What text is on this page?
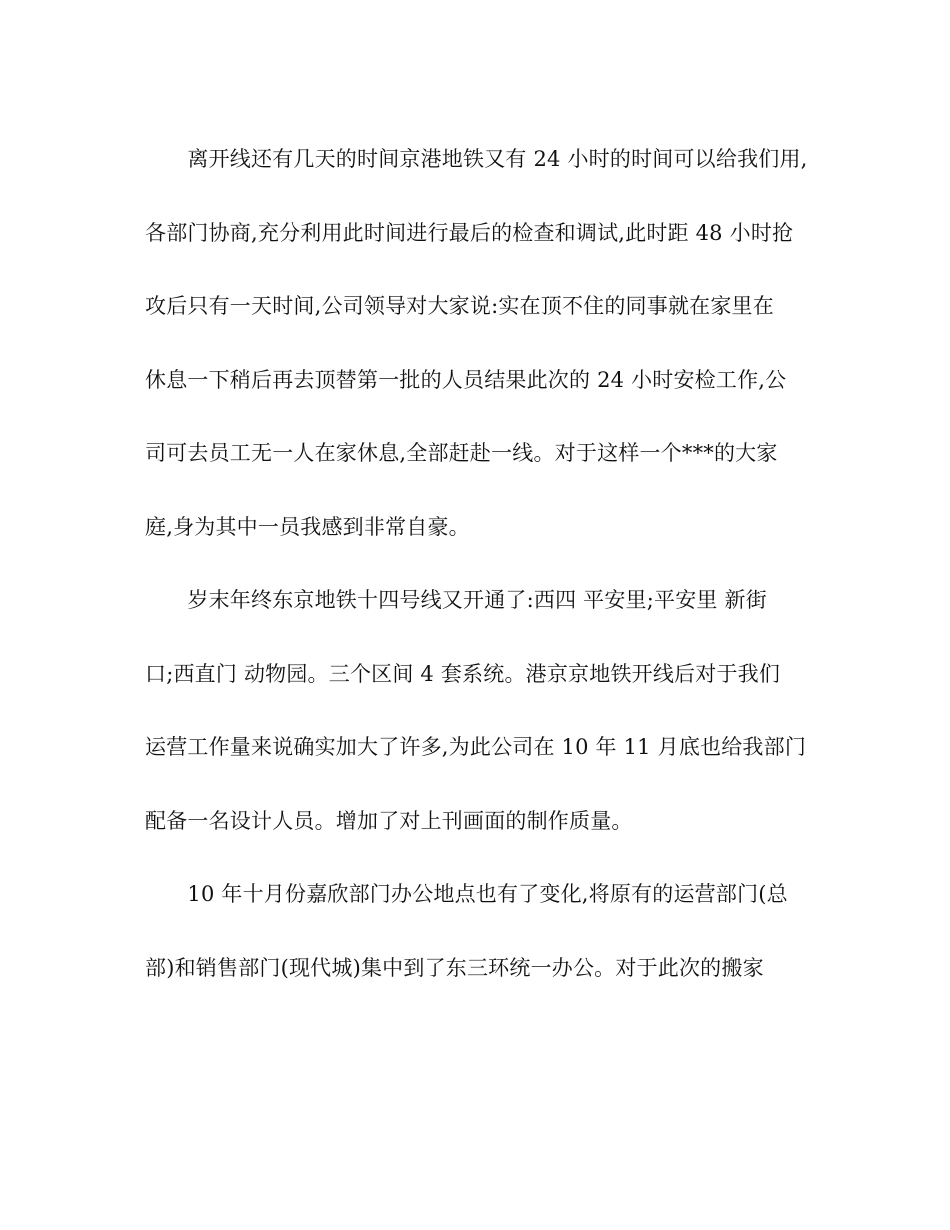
　　离开线还有几天的时间京港地铁又有 24 小时的时间可以给我们用,
各部门协商,充分利用此时间进行最后的检查和调试,此时距 48 小时抢
攻后只有一天时间,公司领导对大家说:实在顶不住的同事就在家里在
休息一下稍后再去顶替第一批的人员结果此次的 24 小时安检工作,公
司可去员工无一人在家休息,全部赶赴一线。对于这样一个***的大家
庭,身为其中一员我感到非常自豪。
　　岁末年终东京地铁十四号线又开通了:西四 平安里;平安里 新街
口;西直门 动物园。三个区间 4 套系统。港京京地铁开线后对于我们
运营工作量来说确实加大了许多,为此公司在 10 年 11 月底也给我部门
配备一名设计人员。增加了对上刊画面的制作质量。
　　10 年十月份嘉欣部门办公地点也有了变化,将原有的运营部门(总
部)和销售部门(现代城)集中到了东三环统一办公。对于此次的搬家
